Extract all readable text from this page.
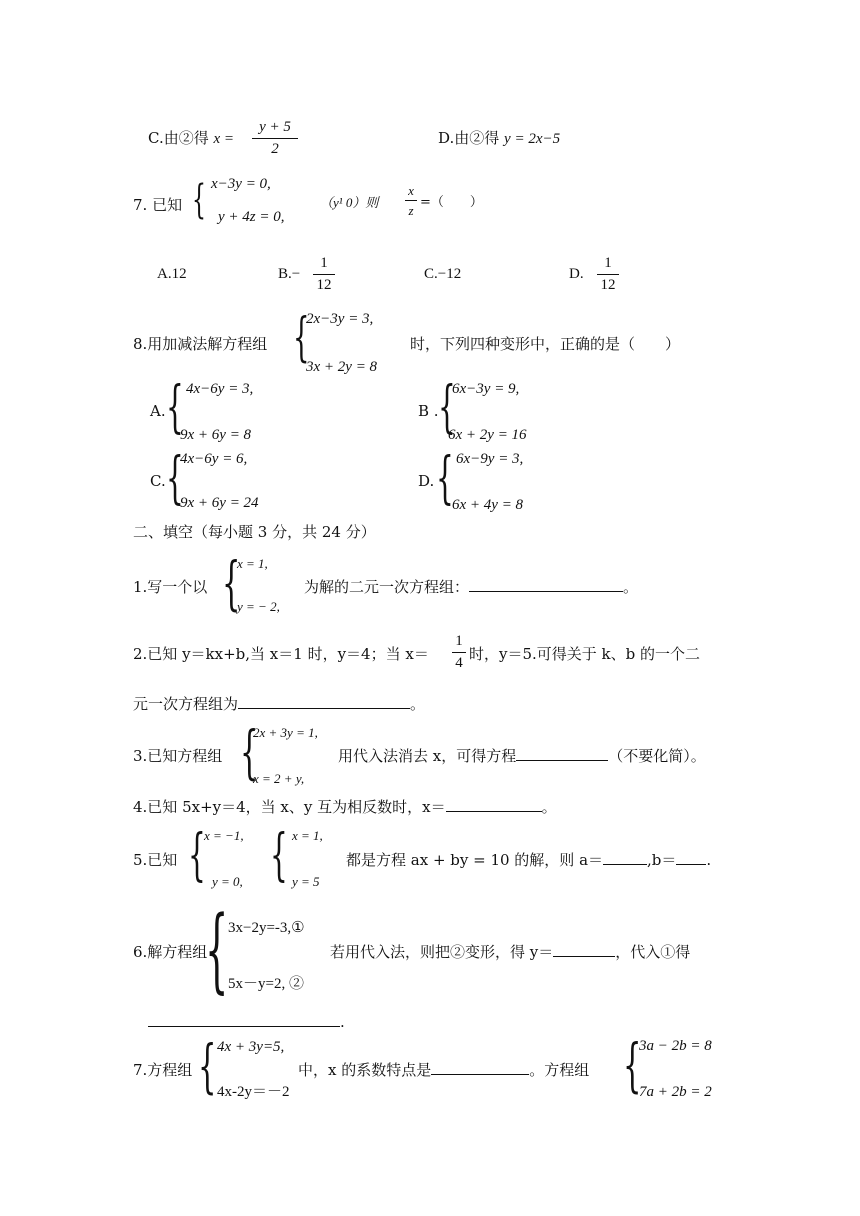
C.由②得 x =
y + 5
2
D.由②得 y = 2x−5
7. 已知 { x−3y = 0,
y + 4z = 0,
（y¹ 0）则
x
z
=（　　）
A.12	B.−
1
12
C.−12	D.
1
12
8.用加减法解方程组 {
2x−3y = 3,
3x + 2y = 8
时，下列四种变形中，正确的是（　　）
A. { 4x−6y = 3,
9x + 6y = 8
B . {
6x−3y = 9,
6x + 2y = 16
C. {
4x−6y = 6,
9x + 6y = 24
D. { 6x−9y = 3,
6x + 4y = 8
二、填空（每小题 3 分，共 24 分）
1.写一个以 {
x = 1,
y = − 2,
为解的二元一次方程组：	。
2.已知 y＝kx+b,当 x＝1 时，y＝4；当 x＝
1
4 时，y＝5.可得关于 k、b 的一个二
元一次方程组为	。
3.已知方程组 {
2x + 3y = 1,
x = 2 + y,
用代入法消去 x，可得方程	（不要化简）。
4.已知 5x+y＝4，当 x、y 互为相反数时，x＝	。
5.已知 {
x = −1,
y = 0, { x = 1,
y = 5
都是方程 ax + by = 10 的解，则 a＝	,b＝ .
6.解方程组
{ 3x−2y=-3,①
5x－y=2, ②
若用代入法，则把②变形，得 y＝	，代入①得
.
7.方程组 { 4x + 3y=5,
4x-2y＝－2
中，x 的系数特点是	。方程组 {
3a − 2b = 8
7a + 2b = 2
